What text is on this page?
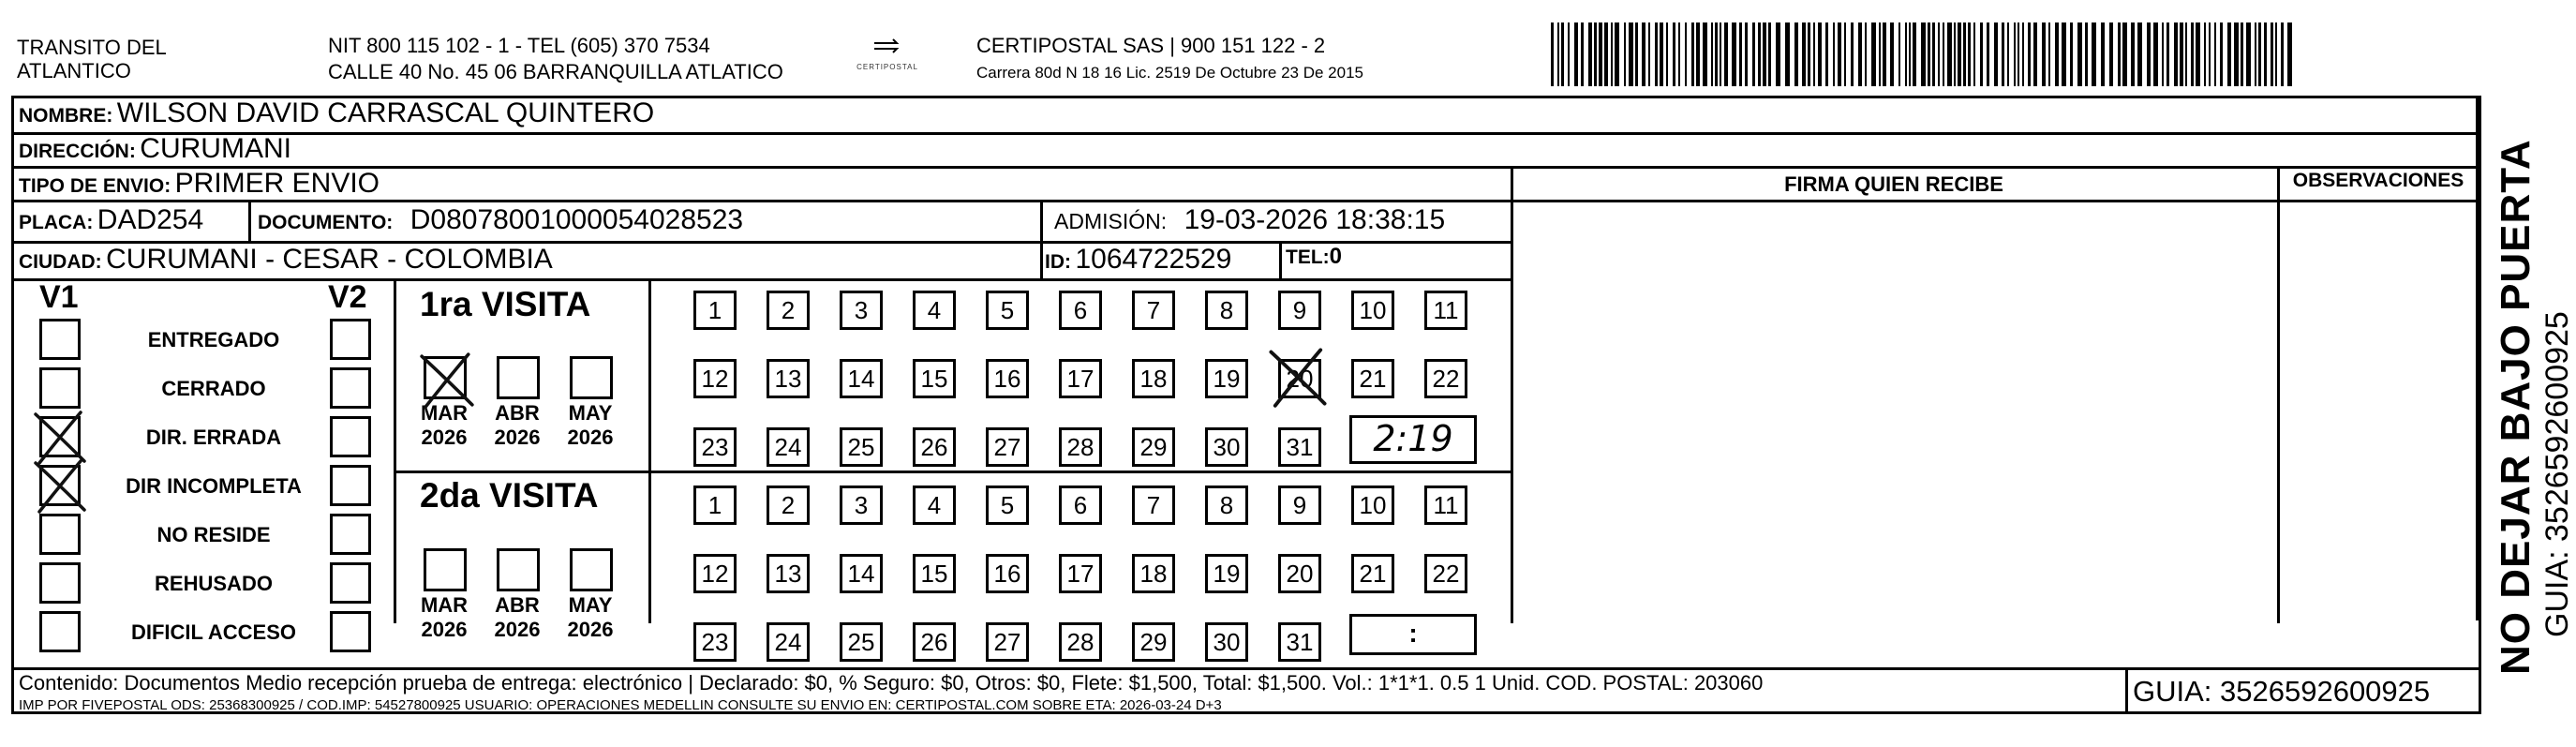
TRANSITO DEL ATLANTICO
NIT 800 115 102 - 1 - TEL (605) 370 7534
CALLE 40 No. 45 06 BARRANQUILLA ATLATICO	CERTIPOSTAL
CERTIPOSTAL SAS | 900 151 122 - 2
Carrera 80d N 18 16 Lic. 2519 De Octubre 23 De 2015
NOMBRE: WILSON DAVID CARRASCAL QUINTERO
DIRECCIÓN: CURUMANI
TIPO DE ENVIO: PRIMER ENVIO
PLACA: DAD254	DOCUMENTO: D08078001000054028523	ADMISIÓN: 19-03-2026 18:38:15
CIUDAD: CURUMANI - CESAR - COLOMBIA	ID: 1064722529	TEL:0
FIRMA QUIEN RECIBE	OBSERVACIONES
V1	V2
ENTREGADO
CERRADO
DIR. ERRADA
DIR INCOMPLETA
NO RESIDE
REHUSADO
DIFICIL ACCESO
1ra VISITA
2da VISITA
MAR
2026
ABR
2026
MAY
2026
MAR
2026
ABR
2026
MAY
2026
1	2	3	4	5	6	7	8	9	10	11
12	13	14	15	16	17	18	19	20	21	22
23	24	25	26	27	28	29	30	31
1	2	3	4	5	6	7	8	9	10	11
12	13	14	15	16	17	18	19	20	21	22
23	24	25	26	27	28	29	30	31
2:19
:
Contenido: Documentos Medio recepción prueba de entrega: electrónico | Declarado: $0, % Seguro: $0, Otros: $0, Flete: $1,500, Total: $1,500. Vol.: 1*1*1. 0.5 1 Unid. COD. POSTAL: 203060
IMP POR FIVEPOSTAL ODS: 25368300925 / COD.IMP: 54527800925 USUARIO: OPERACIONES MEDELLIN CONSULTE SU ENVIO EN: CERTIPOSTAL.COM SOBRE ETA: 2026-03-24 D+3	GUIA: 3526592600925
NO DEJAR BAJO PUERTA GUIA: 3526592600925
